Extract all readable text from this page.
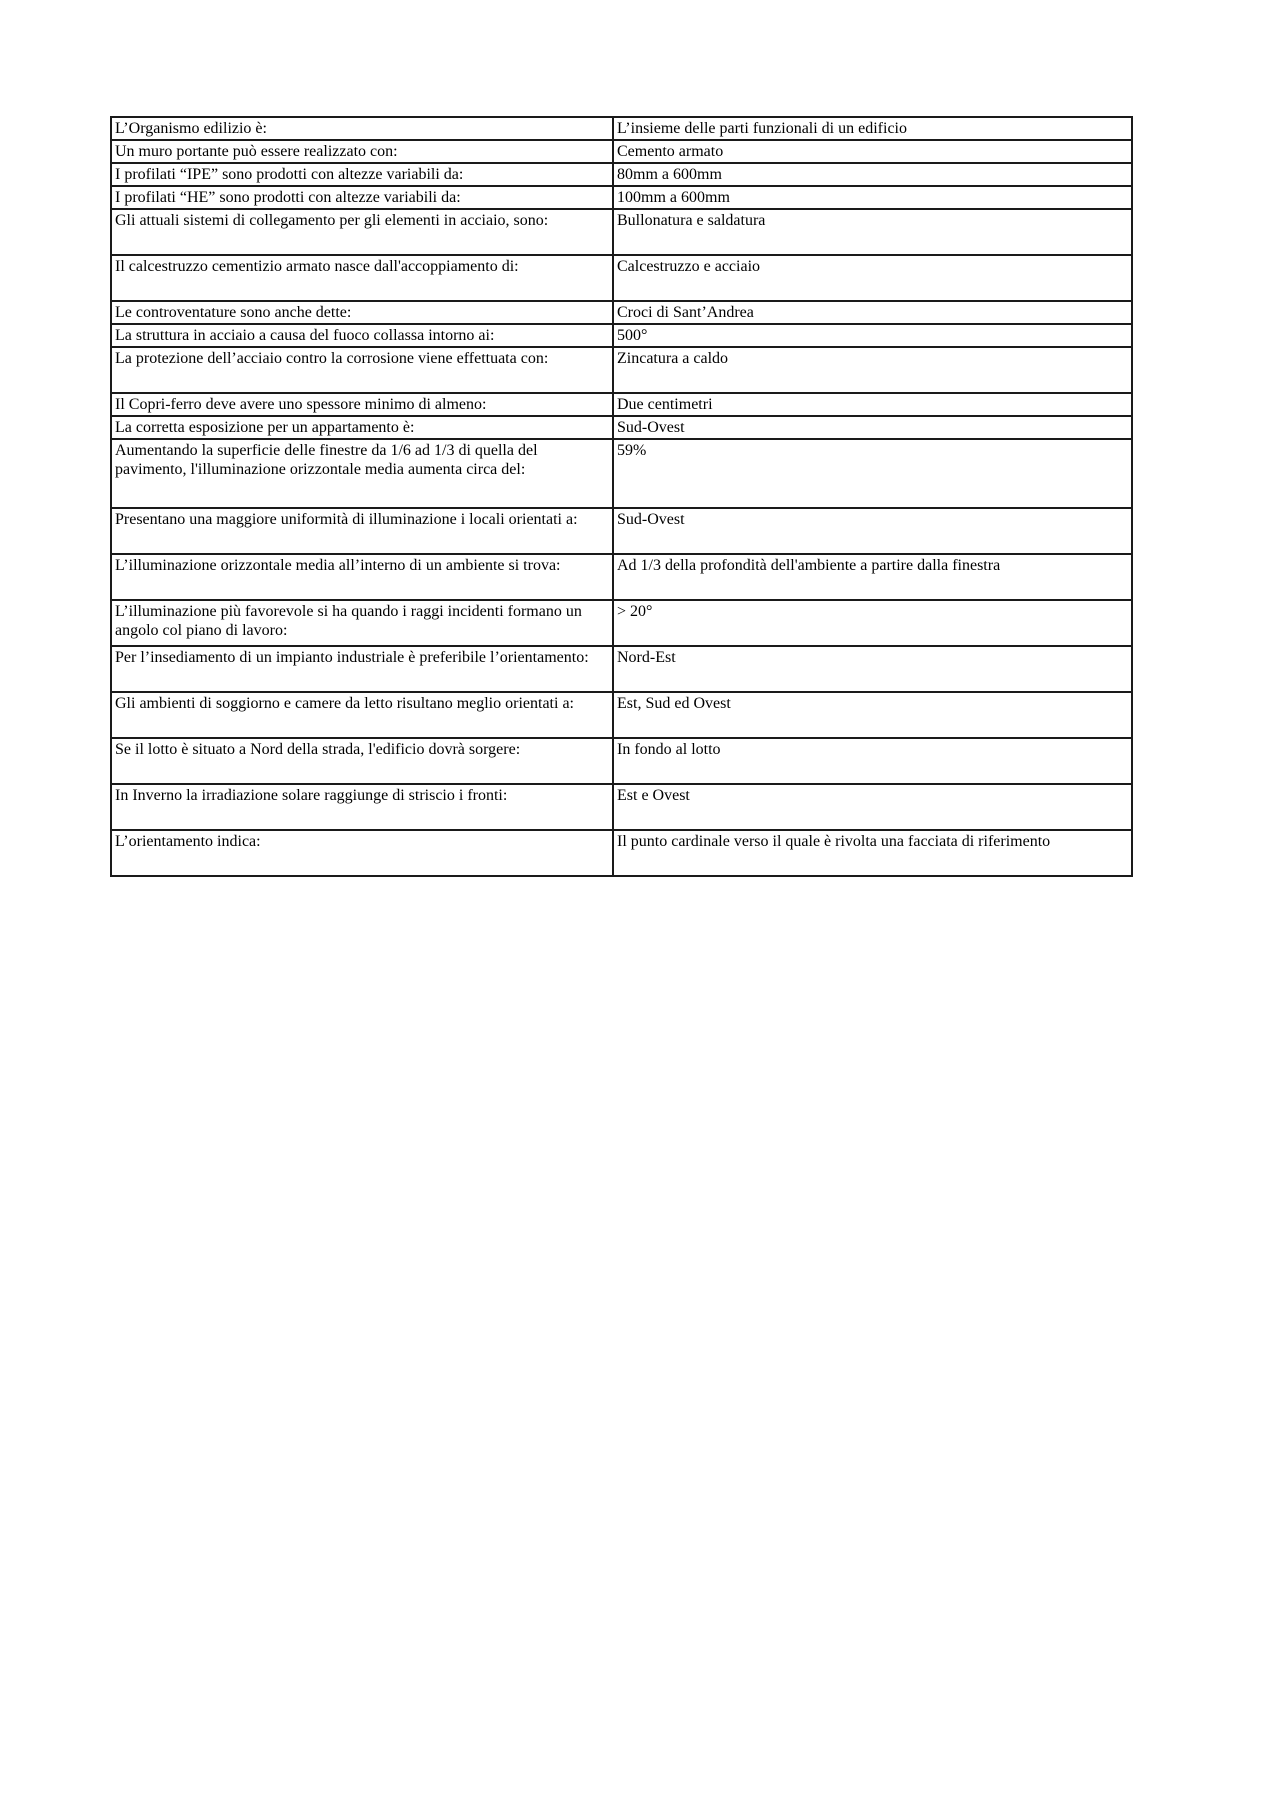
L’Organismo edilizio è:	L’insieme delle parti funzionali di un edificio
Un muro portante può essere realizzato con:	Cemento armato
I profilati “IPE” sono prodotti con altezze variabili da:	80mm a 600mm
I profilati “HE” sono prodotti con altezze variabili da:	100mm a 600mm
Gli attuali sistemi di collegamento per gli elementi in acciaio, sono:	Bullonatura e saldatura
Il calcestruzzo cementizio armato nasce dall'accoppiamento di:	Calcestruzzo e acciaio
Le controventature sono anche dette:	Croci di Sant’Andrea
La struttura in acciaio a causa del fuoco collassa intorno ai:	500°
La protezione dell’acciaio contro la corrosione viene effettuata con:	Zincatura a caldo
Il Copri-ferro deve avere uno spessore minimo di almeno:	Due centimetri
La corretta esposizione per un appartamento è:	Sud-Ovest
Aumentando la superficie delle finestre da 1/6 ad 1/3 di quella del pavimento, l'illuminazione orizzontale media aumenta circa del:	59%
Presentano una maggiore uniformità di illuminazione i locali orientati a:	Sud-Ovest
L’illuminazione orizzontale media all’interno di un ambiente si trova:	Ad 1/3 della profondità dell'ambiente a partire dalla finestra
L’illuminazione più favorevole si ha quando i raggi incidenti formano un angolo col piano di lavoro:	> 20°
Per l’insediamento di un impianto industriale è preferibile l’orientamento:	Nord-Est
Gli ambienti di soggiorno e camere da letto risultano meglio orientati a:	Est, Sud ed Ovest
Se il lotto è situato a Nord della strada, l'edificio dovrà sorgere:	In fondo al lotto
In Inverno la irradiazione solare raggiunge di striscio i fronti:	Est e Ovest
L’orientamento indica:	Il punto cardinale verso il quale è rivolta una facciata di riferimento
